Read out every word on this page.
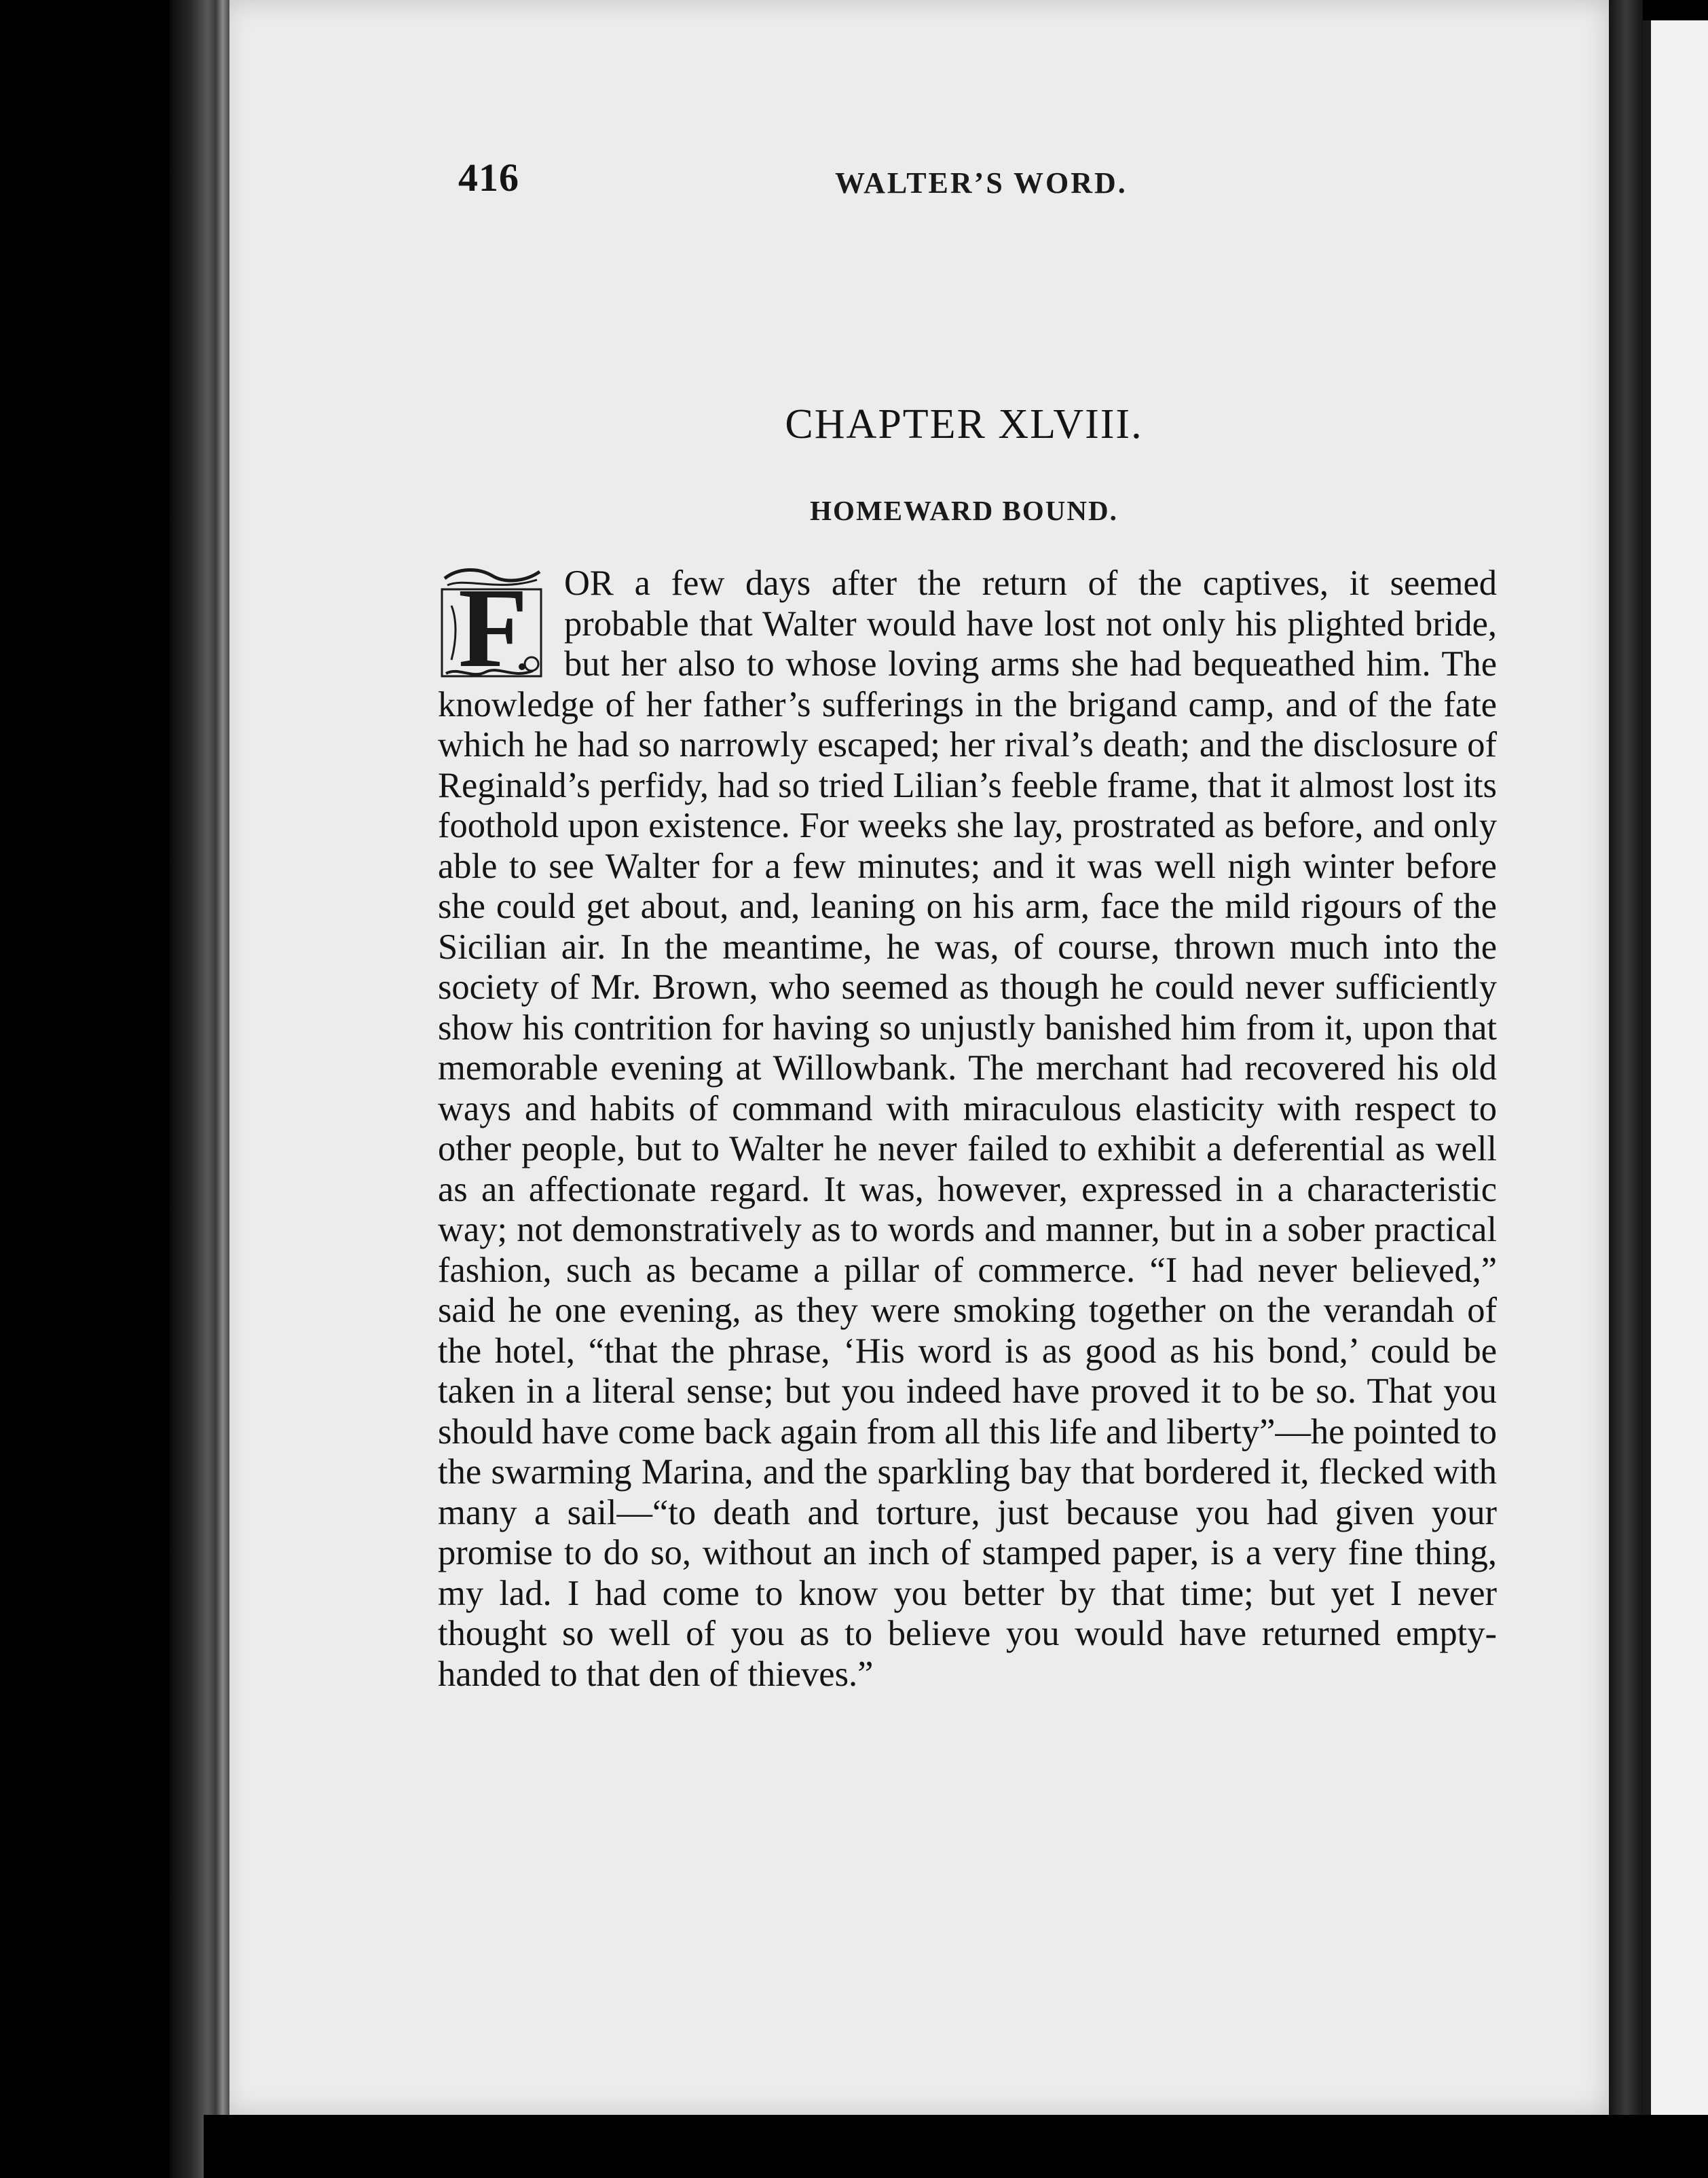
416	WALTER’S WORD.
CHAPTER XLVIII.
HOMEWARD BOUND.
F OR a few days after the return of the captives, it seemed probable that Walter would have lost not only his plighted bride, but her also to whose loving arms she had bequeathed him. The knowledge of her father’s sufferings in the brigand camp, and of the fate which he had so narrowly escaped; her rival’s death; and the disclosure of Reginald’s perfidy, had so tried Lilian’s feeble frame, that it almost lost its foothold upon existence. For weeks she lay, prostrated as before, and only able to see Walter for a few minutes; and it was well nigh winter before she could get about, and, leaning on his arm, face the mild rigours of the Sicilian air. In the meantime, he was, of course, thrown much into the society of Mr. Brown, who seemed as though he could never sufficiently show his contrition for having so unjustly banished him from it, upon that memorable evening at Willowbank. The merchant had recovered his old ways and habits of command with miraculous elasticity with respect to other people, but to Walter he never failed to exhibit a deferential as well as an affectionate regard. It was, however, expressed in a characteristic way; not demonstratively as to words and manner, but in a sober practical fashion, such as became a pillar of commerce. “I had never believed,” said he one evening, as they were smoking together on the verandah of the hotel, “that the phrase, ‘His word is as good as his bond,’ could be taken in a literal sense; but you indeed have proved it to be so. That you should have come back again from all this life and liberty”—he pointed to the swarming Marina, and the sparkling bay that bordered it, flecked with many a sail—“to death and torture, just because you had given your promise to do so, without an inch of stamped paper, is a very fine thing, my lad. I had come to know you better by that time; but yet I never thought so well of you as to believe you would have returned empty-handed to that den of thieves.”
